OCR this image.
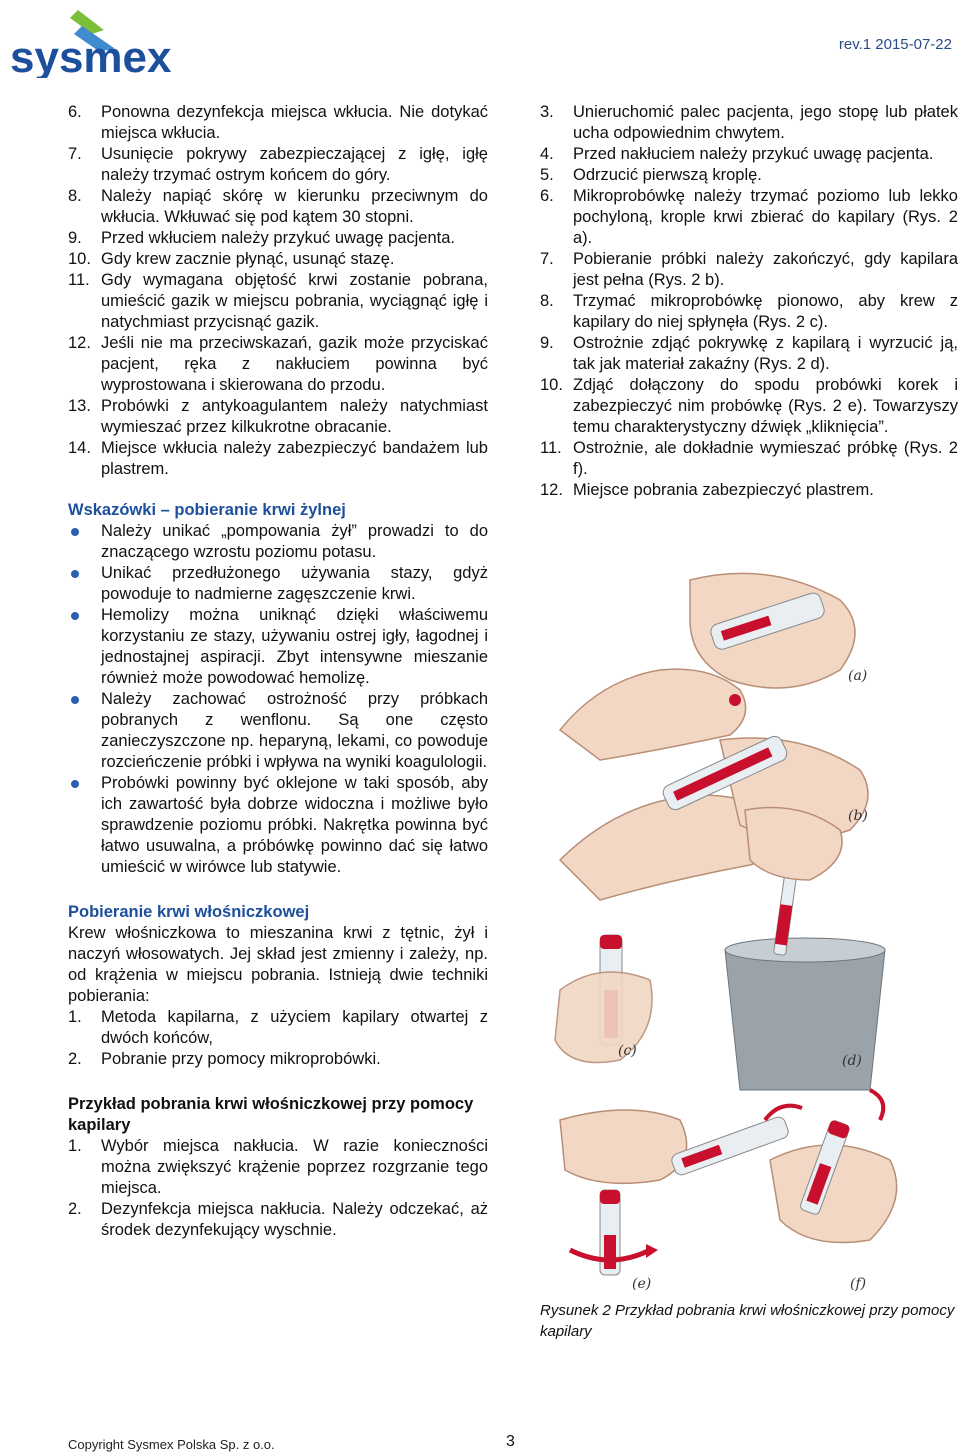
sysmex	rev.1 2015-07-22
6. Ponowna dezynfekcja miejsca wkłucia. Nie dotykać miejsca wkłucia.
7. Usunięcie pokrywy zabezpieczającej z igłę, igłę należy trzymać ostrym końcem do góry.
8. Należy napiąć skórę w kierunku przeciwnym do wkłucia. Wkłuwać się pod kątem 30 stopni.
9. Przed wkłuciem należy przykuć uwagę pacjenta.
10. Gdy krew zacznie płynąć, usunąć stazę.
11. Gdy wymagana objętość krwi zostanie pobrana, umieścić gazik w miejscu pobrania, wyciągnąć igłę i natychmiast przycisnąć gazik.
12. Jeśli nie ma przeciwskazań, gazik może przyciskać pacjent, ręka z nakłuciem powinna być wyprostowana i skierowana do przodu.
13. Probówki z antykoagulantem należy natychmiast wymieszać przez kilkukrotne obracanie.
14. Miejsce wkłucia należy zabezpieczyć bandażem lub plastrem.
Wskazówki – pobieranie krwi żylnej
Należy unikać „pompowania żył” prowadzi to do znaczącego wzrostu poziomu potasu.
Unikać przedłużonego używania stazy, gdyż powoduje to nadmierne zagęszczenie krwi.
Hemolizy można uniknąć dzięki właściwemu korzystaniu ze stazy, używaniu ostrej igły, łagodnej i jednostajnej aspiracji. Zbyt intensywne mieszanie również może powodować hemolizę.
Należy zachować ostrożność przy próbkach pobranych z wenflonu. Są one często zanieczyszczone np. heparyną, lekami, co powoduje rozcieńczenie próbki i wpływa na wyniki koagulologii.
Probówki powinny być oklejone w taki sposób, aby ich zawartość była dobrze widoczna i możliwe było sprawdzenie poziomu próbki. Nakrętka powinna być łatwo usuwalna, a próbówkę powinno dać się łatwo umieścić w wirówce lub statywie.
Pobieranie krwi włośniczkowej

Krew włośniczkowa to mieszanina krwi z tętnic, żył i naczyń włosowatych. Jej skład jest zmienny i zależy, np. od krążenia w miejscu pobrania. Istnieją dwie techniki pobierania:

1. Metoda kapilarna, z użyciem kapilary otwartej z dwóch końców,
2. Pobranie przy pomocy mikroprobówki.
Przykład pobrania krwi włośniczkowej przy pomocy kapilary
1. Wybór miejsca nakłucia. W razie konieczności można zwiększyć krążenie poprzez rozgrzanie tego miejsca.
2. Dezynfekcja miejsca nakłucia. Należy odczekać, aż środek dezynfekujący wyschnie.
3. Unieruchomić palec pacjenta, jego stopę lub płatek ucha odpowiednim chwytem.
4. Przed nakłuciem należy przykuć uwagę pacjenta.
5. Odrzucić pierwszą kroplę.
6. Mikroprobówkę należy trzymać poziomo lub lekko pochyloną, krople krwi zbierać do kapilary (Rys. 2 a).
7. Pobieranie próbki należy zakończyć, gdy kapilara jest pełna (Rys. 2 b).
8. Trzymać mikroprobówkę pionowo, aby krew z kapilary do niej spłynęła (Rys. 2 c).
9. Ostrożnie zdjąć pokrywkę z kapilarą i wyrzucić ją, tak jak materiał zakaźny (Rys. 2 d).
10. Zdjąć dołączony do spodu probówki korek i zabezpieczyć nim probówkę (Rys. 2 e). Towarzyszy temu charakterystyczny dźwięk „kliknięcia”.
11. Ostrożnie, ale dokładnie wymieszać próbkę (Rys. 2 f).
12. Miejsce pobrania zabezpieczyć plastrem.
(a)
(b)
(c)
(d)
(e)	(f)
Rysunek 2 Przykład pobrania krwi włośniczkowej przy pomocy kapilary
Copyright Sysmex Polska Sp. z o.o.	3
